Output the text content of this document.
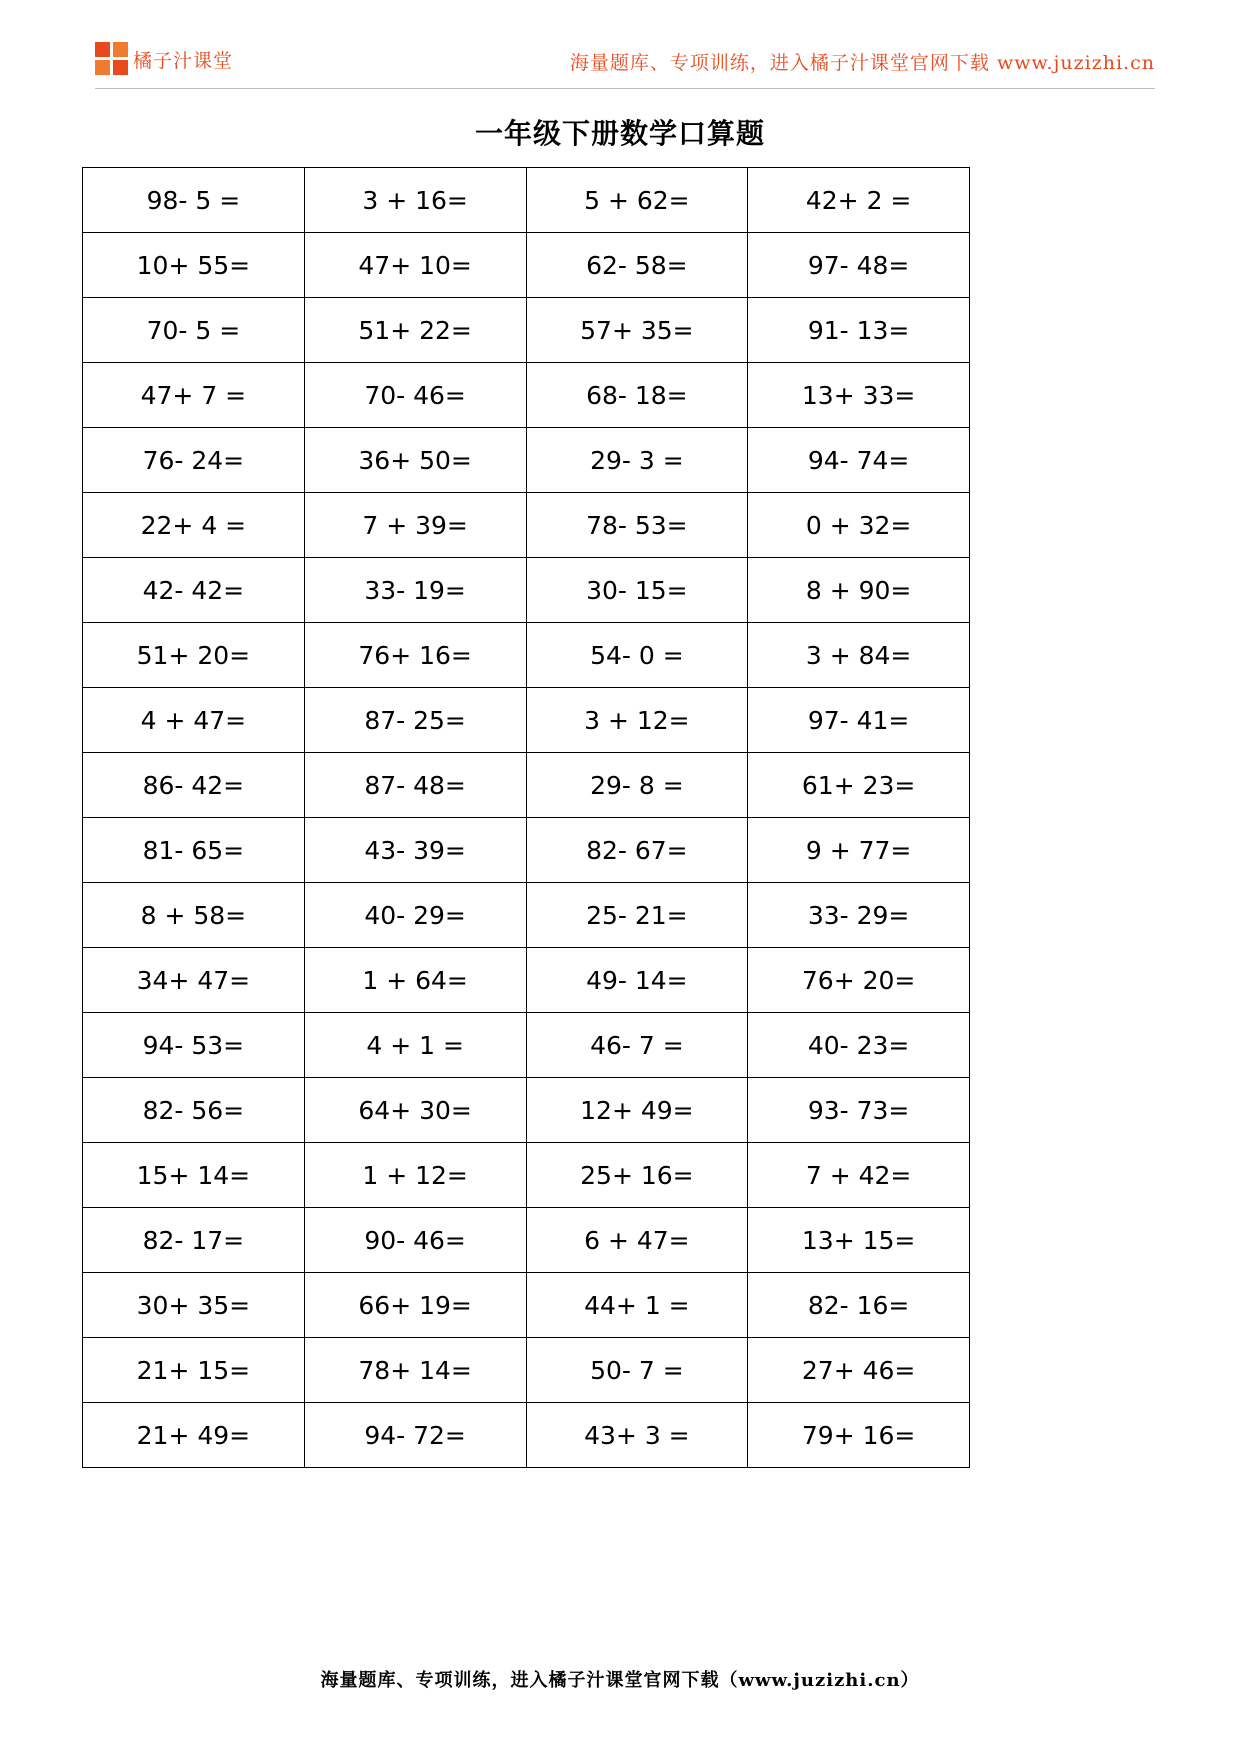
橘子汁课堂	海量题库、专项训练，进入橘子汁课堂官网下载 www.juzizhi.cn
一年级下册数学口算题
98- 5 =	3 + 16=	5 + 62=	42+ 2 =
10+ 55=	47+ 10=	62- 58=	97- 48=
70- 5 =	51+ 22=	57+ 35=	91- 13=
47+ 7 =	70- 46=	68- 18=	13+ 33=
76- 24=	36+ 50=	29- 3 =	94- 74=
22+ 4 =	7 + 39=	78- 53=	0 + 32=
42- 42=	33- 19=	30- 15=	8 + 90=
51+ 20=	76+ 16=	54- 0 =	3 + 84=
4 + 47=	87- 25=	3 + 12=	97- 41=
86- 42=	87- 48=	29- 8 =	61+ 23=
81- 65=	43- 39=	82- 67=	9 + 77=
8 + 58=	40- 29=	25- 21=	33- 29=
34+ 47=	1 + 64=	49- 14=	76+ 20=
94- 53=	4 + 1 =	46- 7 =	40- 23=
82- 56=	64+ 30=	12+ 49=	93- 73=
15+ 14=	1 + 12=	25+ 16=	7 + 42=
82- 17=	90- 46=	6 + 47=	13+ 15=
30+ 35=	66+ 19=	44+ 1 =	82- 16=
21+ 15=	78+ 14=	50- 7 =	27+ 46=
21+ 49=	94- 72=	43+ 3 =	79+ 16=
海量题库、专项训练，进入橘子汁课堂官网下载（www.juzizhi.cn）
